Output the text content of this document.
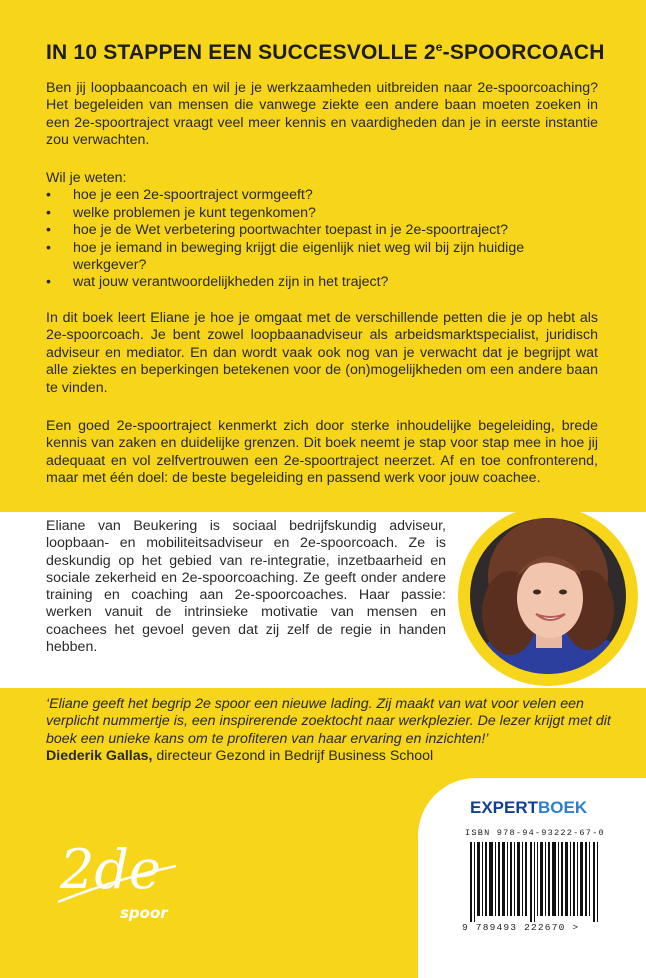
IN 10 STAPPEN EEN SUCCESVOLLE 2e-SPOORCOACH
Ben jij loopbaancoach en wil je je werkzaamheden uitbreiden naar 2e-spoorcoaching? Het begeleiden van mensen die vanwege ziekte een andere baan moeten zoeken in een 2e-spoortraject vraagt veel meer kennis en vaardigheden dan je in eerste instantie zou verwachten.
Wil je weten:
• hoe je een 2e-spoortraject vormgeeft?
• welke problemen je kunt tegenkomen?
• hoe je de Wet verbetering poortwachter toepast in je 2e-spoortraject?
• hoe je iemand in beweging krijgt die eigenlijk niet weg wil bij zijn huidige werkgever?
• wat jouw verantwoordelijkheden zijn in het traject?
In dit boek leert Eliane je hoe je omgaat met de verschillende petten die je op hebt als 2e-spoorcoach. Je bent zowel loopbaanadviseur als arbeidsmarktspecialist, juridisch adviseur en mediator. En dan wordt vaak ook nog van je verwacht dat je begrijpt wat alle ziektes en beperkingen betekenen voor de (on)mogelijkheden om een andere baan te vinden.
Een goed 2e-spoortraject kenmerkt zich door sterke inhoudelijke begeleiding, brede kennis van zaken en duidelijke grenzen. Dit boek neemt je stap voor stap mee in hoe jij adequaat en vol zelfvertrouwen een 2e-spoortraject neerzet. Af en toe confronterend, maar met één doel: de beste begeleiding en passend werk voor jouw coachee.
Eliane van Beukering is sociaal bedrijfskundig adviseur, loopbaan- en mobiliteitsadviseur en 2e-spoorcoach. Ze is deskundig op het gebied van re-integratie, inzetbaarheid en sociale zekerheid en 2e-spoorcoaching. Ze geeft onder andere training en coaching aan 2e-spoorcoaches. Haar passie: werken vanuit de intrinsieke motivatie van mensen en coachees het gevoel geven dat zij zelf de regie in handen hebben.
‘Eliane geeft het begrip 2e spoor een nieuwe lading. Zij maakt van wat voor velen een verplicht nummertje is, een inspirerende zoektocht naar werkplezier. De lezer krijgt met dit boek een unieke kans om te profiteren van haar ervaring en inzichten!’
Diederik Gallas, directeur Gezond in Bedrijf Business School
2de
spoor
EXPERTBOEK
ISBN 978-94-93222-67-0
9 789493 222670 >
